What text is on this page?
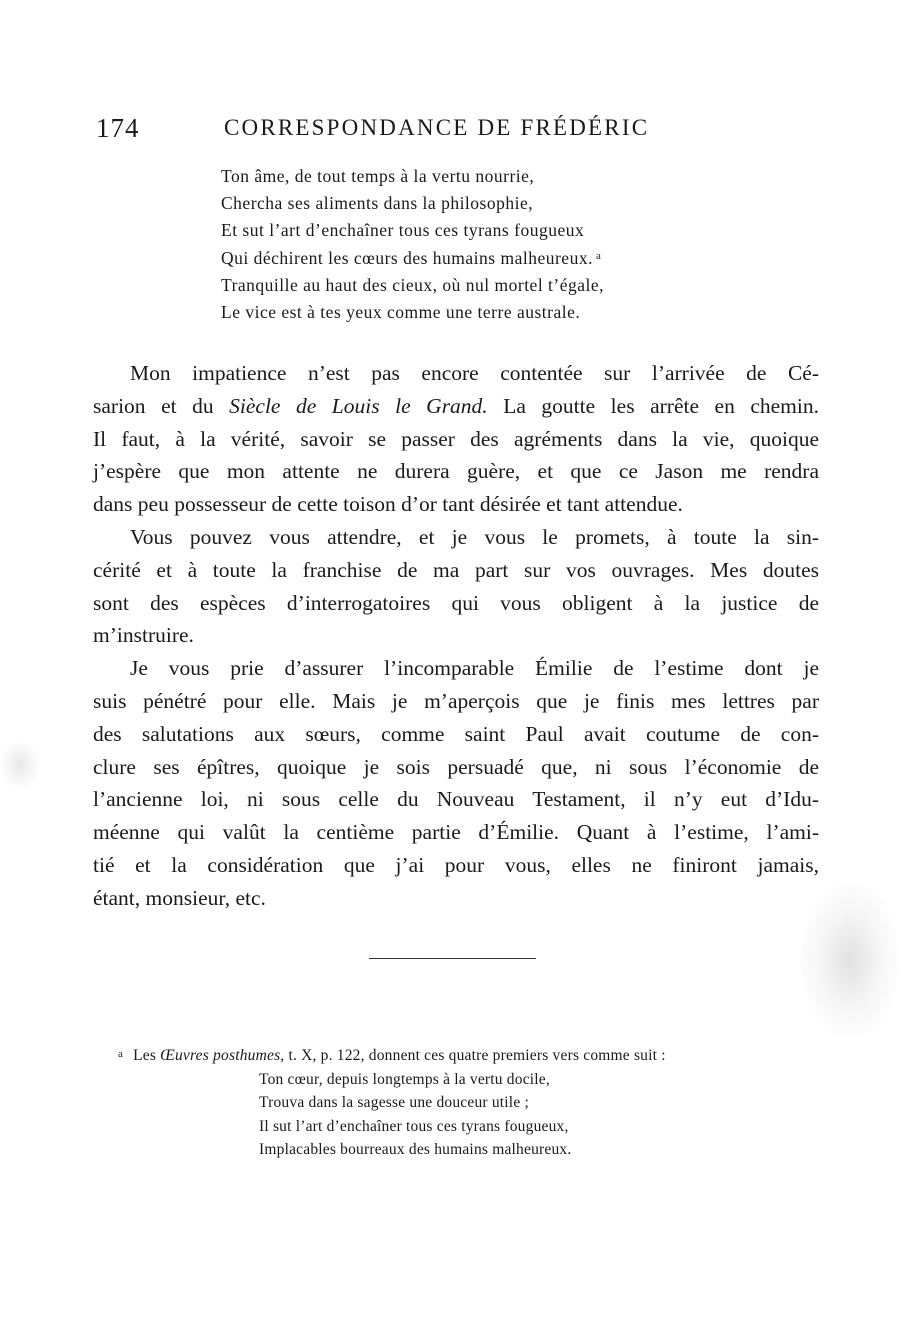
174	CORRESPONDANCE DE FRÉDÉRIC
Ton âme, de tout temps à la vertu nourrie,
Chercha ses aliments dans la philosophie,
Et sut l’art d’enchaîner tous ces tyrans fougueux
Qui déchirent les cœurs des humains malheureux. $^a$
Tranquille au haut des cieux, où nul mortel t’égale,
Le vice est à tes yeux comme une terre australe.
Mon impatience n’est pas encore contentée sur l’arrivée de Cé-
sarion et du Siècle de Louis le Grand. La goutte les arrête en chemin.
Il faut, à la vérité, savoir se passer des agréments dans la vie, quoique
j’espère que mon attente ne durera guère, et que ce Jason me rendra
dans peu possesseur de cette toison d’or tant désirée et tant attendue.
Vous pouvez vous attendre, et je vous le promets, à toute la sin-
cérité et à toute la franchise de ma part sur vos ouvrages. Mes doutes
sont des espèces d’interrogatoires qui vous obligent à la justice de
m’instruire.
Je vous prie d’assurer l’incomparable Émilie de l’estime dont je
suis pénétré pour elle. Mais je m’aperçois que je finis mes lettres par
des salutations aux sœurs, comme saint Paul avait coutume de con-
clure ses épîtres, quoique je sois persuadé que, ni sous l’économie de
l’ancienne loi, ni sous celle du Nouveau Testament, il n’y eut d’Idu-
méenne qui valût la centième partie d’Émilie. Quant à l’estime, l’ami-
tié et la considération que j’ai pour vous, elles ne finiront jamais,
étant, monsieur, etc.
a Les Œuvres posthumes, t. X, p. 122, donnent ces quatre premiers vers comme suit :
Ton cœur, depuis longtemps à la vertu docile,
Trouva dans la sagesse une douceur utile ;
Il sut l’art d’enchaîner tous ces tyrans fougueux,
Implacables bourreaux des humains malheureux.
